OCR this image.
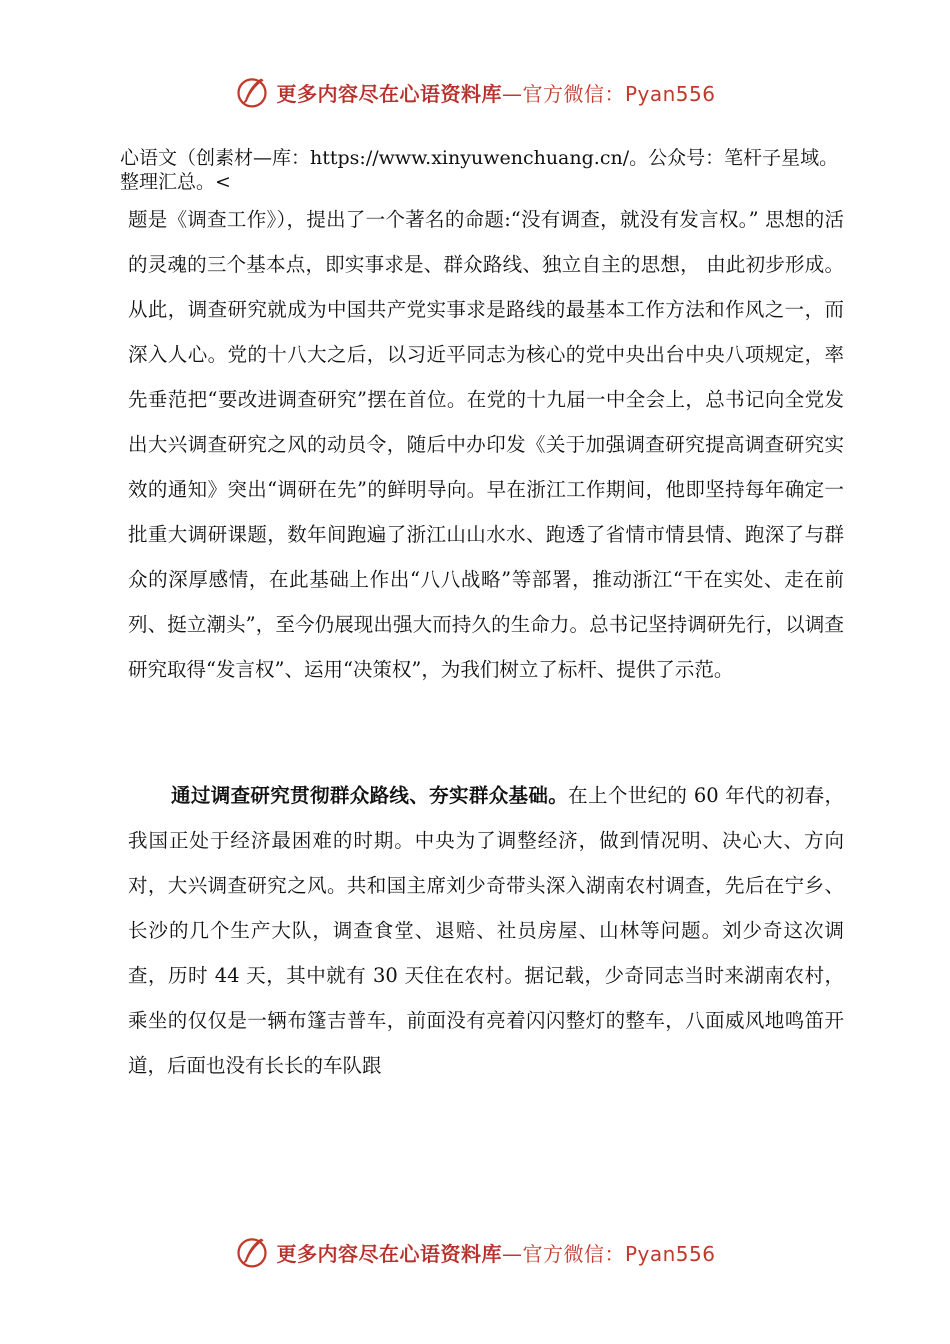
更多内容尽在心语资料库—官方微信：Pyan556

心语文（创素材—库：https://www.xinyuwenchuang.cn/。公众号：笔杆子星域。整理汇总。<

题是《调查工作》），提出了一个著名的命题:“没有调查，就没有发言权。” 思想的活的灵魂的三个基本点，即实事求是、群众路线、独立自主的思想， 由此初步形成。从此，调查研究就成为中国共产党实事求是路线的最基本工作方法和作风之一，而深入人心。党的十八大之后，以习近平同志为核心的党中央出台中央八项规定，率先垂范把“要改进调查研究”摆在首位。在党的十九届一中全会上，总书记向全党发出大兴调查研究之风的动员令，随后中办印发《关于加强调查研究提高调查研究实效的通知》突出“调研在先”的鲜明导向。早在浙江工作期间，他即坚持每年确定一批重大调研课题，数年间跑遍了浙江山山水水、跑透了省情市情县情、跑深了与群众的深厚感情，在此基础上作出“八八战略”等部署，推动浙江“干在实处、走在前列、挺立潮头”，至今仍展现出强大而持久的生命力。总书记坚持调研先行，以调查研究取得“发言权”、运用“决策权”，为我们树立了标杆、提供了示范。

通过调查研究贯彻群众路线、夯实群众基础。在上个世纪的 60 年代的初春，我国正处于经济最困难的时期。中央为了调整经济，做到情况明、决心大、方向对，大兴调查研究之风。共和国主席刘少奇带头深入湖南农村调查，先后在宁乡、长沙的几个生产大队，调查食堂、退赔、社员房屋、山林等问题。刘少奇这次调查，历时 44 天，其中就有 30 天住在农村。据记载，少奇同志当时来湖南农村，乘坐的仅仅是一辆布篷吉普车，前面没有亮着闪闪整灯的整车，八面威风地鸣笛开道，后面也没有长长的车队跟

更多内容尽在心语资料库—官方微信：Pyan556
